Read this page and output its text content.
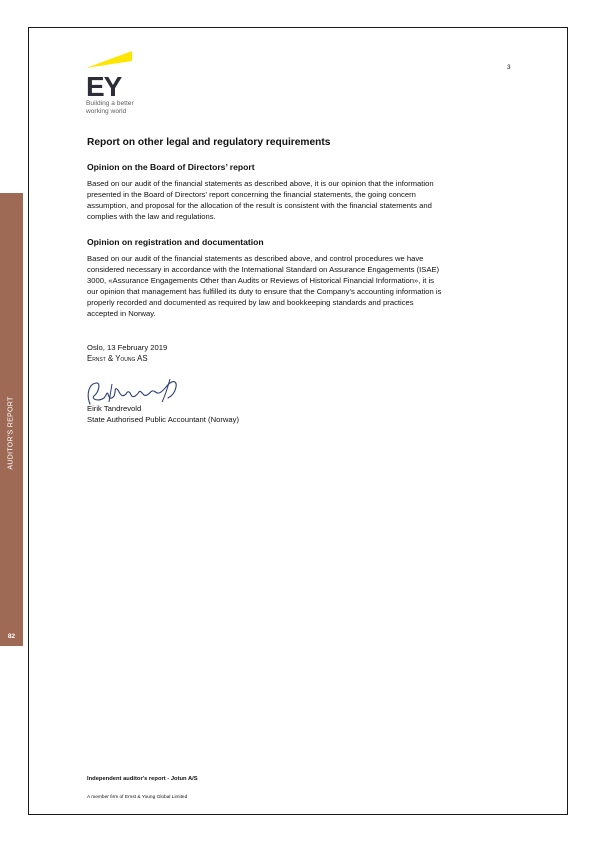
AUDITOR'S REPORT
82
EY
Building a better
working world
3
Report on other legal and regulatory requirements
Opinion on the Board of Directors’ report
Based on our audit of the financial statements as described above, it is our opinion that the information
presented in the Board of Directors' report concerning the financial statements, the going concern
assumption, and proposal for the allocation of the result is consistent with the financial statements and
complies with the law and regulations.
Opinion on registration and documentation
Based on our audit of the financial statements as described above, and control procedures we have
considered necessary in accordance with the International Standard on Assurance Engagements (ISAE)
3000, «Assurance Engagements Other than Audits or Reviews of Historical Financial Information», it is
our opinion that management has fulfilled its duty to ensure that the Company's accounting information is
properly recorded and documented as required by law and bookkeeping standards and practices
accepted in Norway.
Oslo, 13 February 2019
Ernst & Young AS
Eirik Tandrevold
State Authorised Public Accountant (Norway)
Independent auditor's report - Jotun A/S
A member firm of Ernst & Young Global Limited
